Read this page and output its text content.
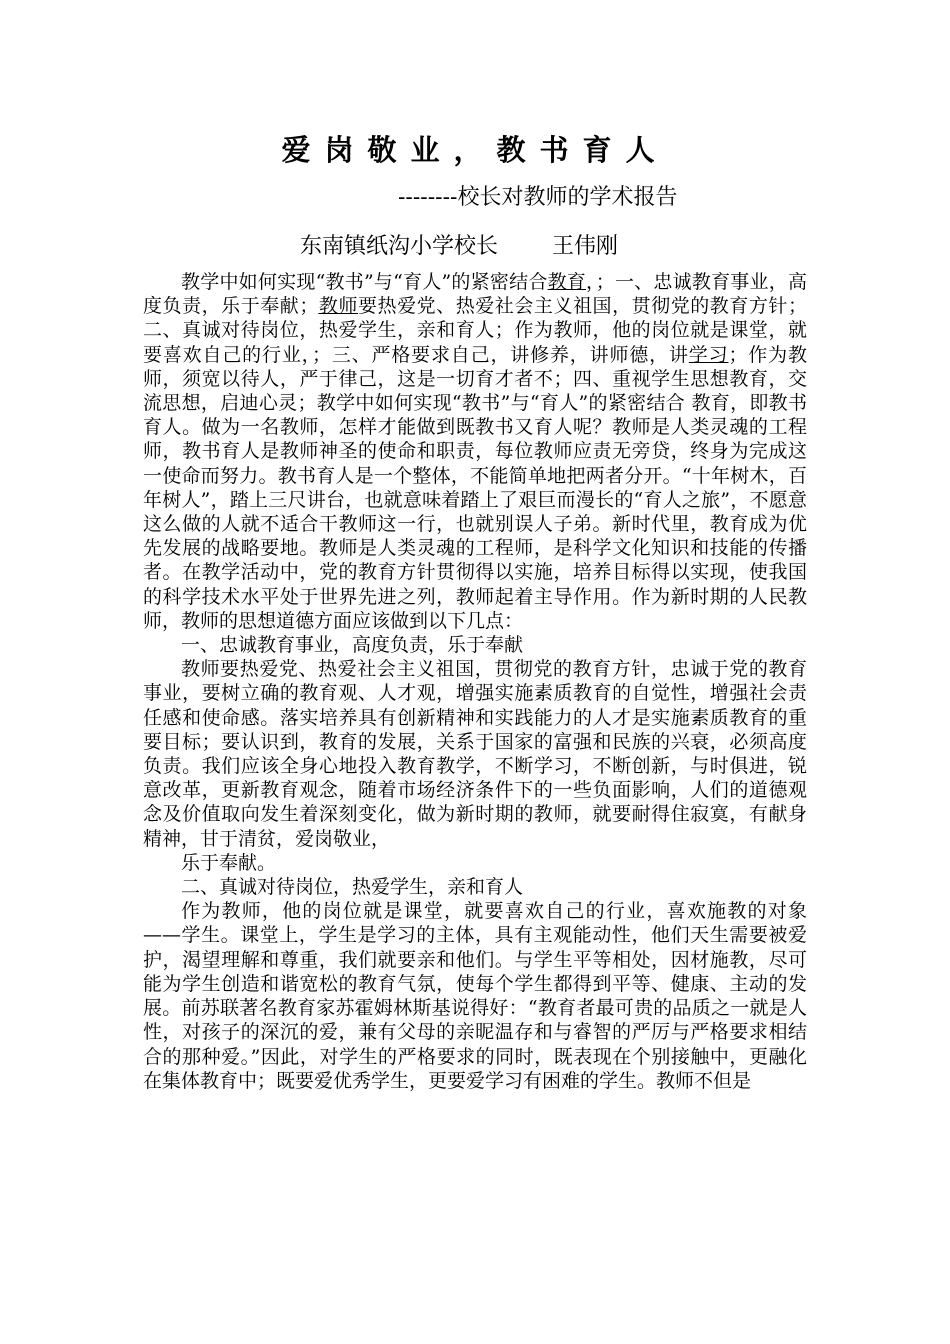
爱岗敬业，教书育人
--------校长对教师的学术报告
东南镇纸沟小学校长 王伟刚

教学中如何实现“教书”与“育人”的紧密结合教育，；一、忠诚教育事业，高度负责，乐于奉献；教师要热爱党、热爱社会主义祖国，贯彻党的教育方针；二、真诚对待岗位，热爱学生，亲和育人；作为教师，他的岗位就是课堂，就要喜欢自己的行业，；三、严格要求自己，讲修养，讲师德，讲学习；作为教师，须宽以待人，严于律己，这是一切育才者不；四、重视学生思想教育，交流思想，启迪心灵；教学中如何实现“教书”与“育人”的紧密结合 教育，即教书育人。做为一名教师，怎样才能做到既教书又育人呢？教师是人类灵魂的工程师，教书育人是教师神圣的使命和职责，每位教师应责无旁贷，终身为完成这一使命而努力。教书育人是一个整体，不能简单地把两者分开。“十年树木，百年树人”，踏上三尺讲台，也就意味着踏上了艰巨而漫长的“育人之旅”，不愿意这么做的人就不适合干教师这一行，也就别误人子弟。新时代里，教育成为优先发展的战略要地。教师是人类灵魂的工程师，是科学文化知识和技能的传播者。在教学活动中，党的教育方针贯彻得以实施，培养目标得以实现，使我国的科学技术水平处于世界先进之列，教师起着主导作用。作为新时期的人民教师，教师的思想道德方面应该做到以下几点：

一、忠诚教育事业，高度负责，乐于奉献

教师要热爱党、热爱社会主义祖国，贯彻党的教育方针，忠诚于党的教育事业，要树立确的教育观、人才观，增强实施素质教育的自觉性，增强社会责任感和使命感。落实培养具有创新精神和实践能力的人才是实施素质教育的重要目标；要认识到，教育的发展，关系于国家的富强和民族的兴衰，必须高度负责。我们应该全身心地投入教育教学，不断学习，不断创新，与时俱进，锐意改革，更新教育观念，随着市场经济条件下的一些负面影响，人们的道德观念及价值取向发生着深刻变化，做为新时期的教师，就要耐得住寂寞，有献身精神，甘于清贫，爱岗敬业，

乐于奉献。

二、真诚对待岗位，热爱学生，亲和育人

作为教师，他的岗位就是课堂，就要喜欢自己的行业，喜欢施教的对象——学生。课堂上，学生是学习的主体，具有主观能动性，他们天生需要被爱护，渴望理解和尊重，我们就要亲和他们。与学生平等相处，因材施教，尽可能为学生创造和谐宽松的教育气氛，使每个学生都得到平等、健康、主动的发展。前苏联著名教育家苏霍姆林斯基说得好：“教育者最可贵的品质之一就是人性，对孩子的深沉的爱，兼有父母的亲昵温存和与睿智的严厉与严格要求相结合的那种爱。”因此，对学生的严格要求的同时，既表现在个别接触中，更融化在集体教育中；既要爱优秀学生，更要爱学习有困难的学生。教师不但是
